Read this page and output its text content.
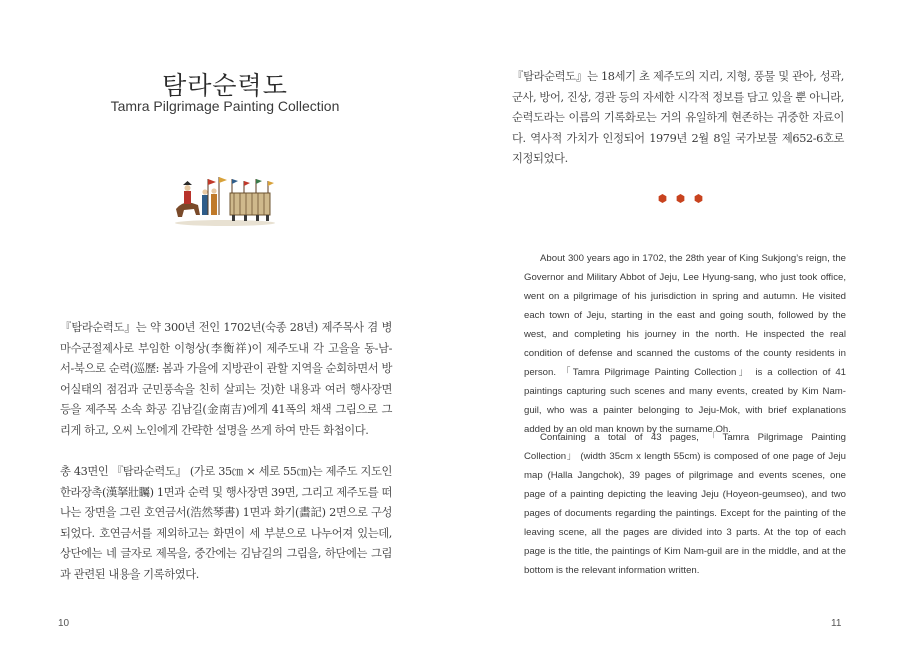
탐라순력도
Tamra Pilgrimage Painting Collection

『탐라순력도』는 약 300년 전인 1702년(숙종 28년) 제주목사 겸 병마수군절제사로 부임한 이형상(李衡祥)이 제주도내 각 고을을 동-남-서-북으로 순력(巡歷: 봄과 가을에 지방관이 관할 지역을 순회하면서 방어실태의 점검과 군민풍속을 친히 살피는 것)한 내용과 여러 행사장면 등을 제주목 소속 화공 김남길(金南吉)에게 41폭의 채색 그림으로 그리게 하고, 오씨 노인에게 간략한 설명을 쓰게 하여 만든 화첩이다.

총 43면인 『탐라순력도』 (가로 35㎝ × 세로 55㎝)는 제주도 지도인 한라장촉(漢拏壯矚) 1면과 순력 및 행사장면 39면, 그리고 제주도를 떠나는 장면을 그린 호연금서(浩然琴書) 1면과 화기(畵記) 2면으로 구성되었다. 호연금서를 제외하고는 화면이 세 부분으로 나누어져 있는데, 상단에는 네 글자로 제목을, 중간에는 김남길의 그림을, 하단에는 그림과 관련된 내용을 기록하였다.

10
『탐라순력도』는 18세기 초 제주도의 지리, 지형, 풍물 및 관아, 성곽, 군사, 방어, 진상, 경관 등의 자세한 시각적 정보를 담고 있을 뿐 아니라, 순력도라는 이름의 기록화로는 거의 유일하게 현존하는 귀중한 자료이다. 역사적 가치가 인정되어 1979년 2월 8일 국가보물 제652-6호로 지정되었다.

About 300 years ago in 1702, the 28th year of King Sukjong’s reign, the Governor and Military Abbot of Jeju, Lee Hyung-sang, who just took office, went on a pilgrimage of his jurisdiction in spring and autumn. He visited each town of Jeju, starting in the east and going south, followed by the west, and completing his journey in the north. He inspected the real condition of defense and scanned the customs of the county residents in person. 「Tamra Pilgrimage Painting Collection」 is a collection of 41 paintings capturing such scenes and many events, created by Kim Nam-guil, who was a painter belonging to Jeju-Mok, with brief explanations added by an old man known by the surname Oh.

Containing a total of 43 pages, 「Tamra Pilgrimage Painting Collection」 (width 35cm x length 55cm) is composed of one page of Jeju map (Halla Jangchok), 39 pages of pilgrimage and events scenes, one page of a painting depicting the leaving Jeju (Hoyeon-geumseo), and two pages of documents regarding the paintings. Except for the painting of the leaving scene, all the pages are divided into 3 parts. At the top of each page is the title, the paintings of Kim Nam-guil are in the middle, and at the bottom is the relevant information written.

11
